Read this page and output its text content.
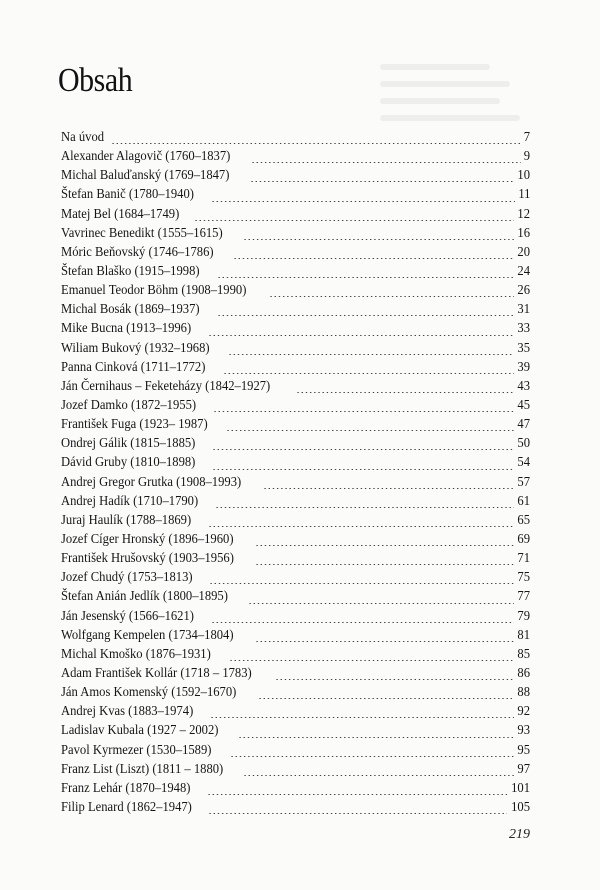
Obsah
Na úvod	7
Alexander Alagovič (1760–1837)	9
Michal Baluďanský (1769–1847)	10
Štefan Banič (1780–1940)	11
Matej Bel (1684–1749)	12
Vavrinec Benedikt (1555–1615)	16
Móric Beňovský (1746–1786)	20
Štefan Blaško (1915–1998)	24
Emanuel Teodor Böhm (1908–1990)	26
Michal Bosák (1869–1937)	31
Mike Bucna (1913–1996)	33
Wiliam Bukový (1932–1968)	35
Panna Cinková (1711–1772)	39
Ján Černihaus – Feketeházy (1842–1927)	43
Jozef Damko (1872–1955)	45
František Fuga (1923– 1987)	47
Ondrej Gálik (1815–1885)	50
Dávid Gruby (1810–1898)	54
Andrej Gregor Grutka (1908–1993)	57
Andrej Hadík (1710–1790)	61
Juraj Haulík (1788–1869)	65
Jozef Cíger Hronský (1896–1960)	69
František Hrušovský (1903–1956)	71
Jozef Chudý (1753–1813)	75
Štefan Anián Jedlík (1800–1895)	77
Ján Jesenský (1566–1621)	79
Wolfgang Kempelen (1734–1804)	81
Michal Kmoško (1876–1931)	85
Adam František Kollár (1718 – 1783)	86
Ján Amos Komenský (1592–1670)	88
Andrej Kvas (1883–1974)	92
Ladislav Kubala (1927 – 2002)	93
Pavol Kyrmezer (1530–1589)	95
Franz List (Liszt) (1811 – 1880)	97
Franz Lehár (1870–1948)	101
Filip Lenard (1862–1947)	105
219
